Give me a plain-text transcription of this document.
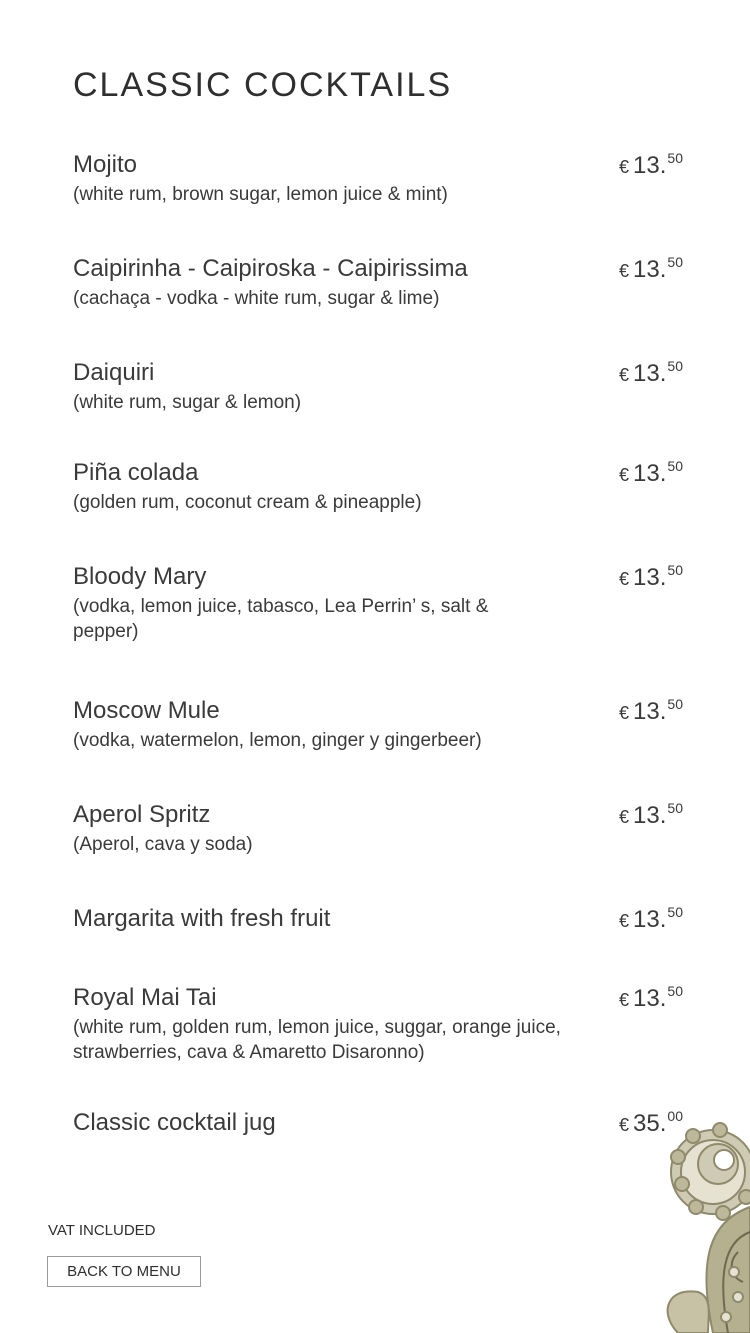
CLASSIC COCKTAILS
Mojito
(white rum, brown sugar, lemon juice & mint)
€ 13.50
Caipirinha - Caipiroska - Caipirissima
(cachaça - vodka - white rum, sugar & lime)
€ 13.50
Daiquiri
(white rum, sugar & lemon)
€ 13.50
Piña colada
(golden rum, coconut cream & pineapple)
€ 13.50
Bloody Mary
(vodka, lemon juice, tabasco, Lea Perrin’ s, salt & pepper)
€ 13.50
Moscow Mule
(vodka, watermelon, lemon, ginger y gingerbeer)
€ 13.50
Aperol Spritz
(Aperol, cava y soda)
€ 13.50
Margarita with fresh fruit	€ 13.50
Royal Mai Tai
(white rum, golden rum, lemon juice, suggar, orange juice, strawberries, cava & Amaretto Disaronno)
€ 13.50
Classic cocktail jug	€ 35.00
VAT INCLUDED
BACK TO MENU
